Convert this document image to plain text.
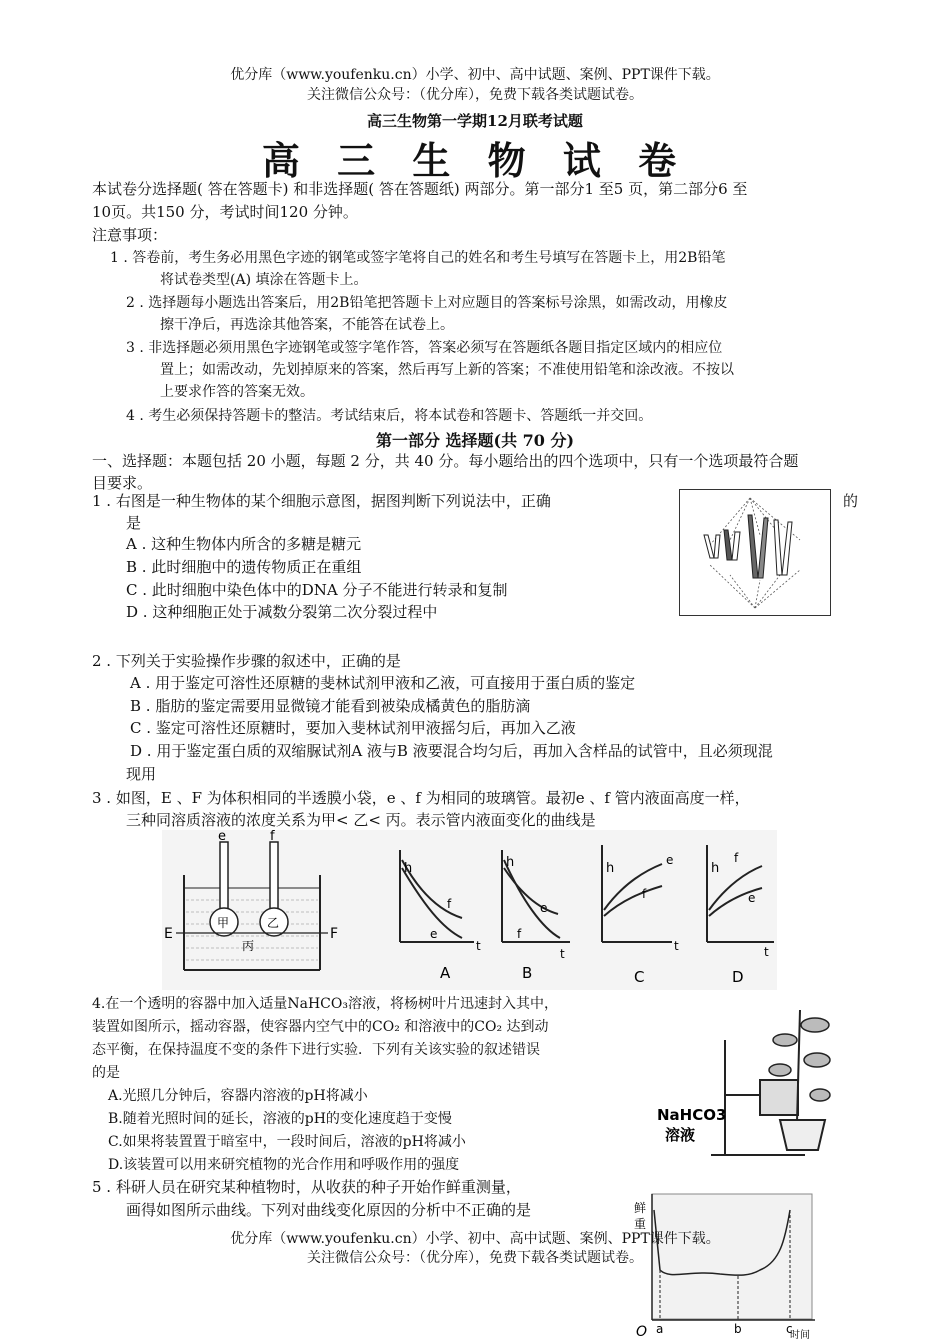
优分库（www.youfenku.cn）小学、初中、高中试题、案例、PPT课件下载。
关注微信公众号：（优分库），免费下载各类试题试卷。
高三生物第一学期12月联考试题
高 三 生 物 试 卷
本试卷分选择题( 答在答题卡) 和非选择题( 答在答题纸) 两部分。第一部分1 至5 页，第二部分6 至
10页。共150 分，考试时间120 分钟。
注意事项：
1 . 答卷前，考生务必用黑色字迹的钢笔或签字笔将自己的姓名和考生号填写在答题卡上，用2B铅笔
将试卷类型(A) 填涂在答题卡上。
2 . 选择题每小题选出答案后，用2B铅笔把答题卡上对应题目的答案标号涂黑，如需改动，用橡皮
擦干净后，再选涂其他答案，不能答在试卷上。
3 . 非选择题必须用黑色字迹钢笔或签字笔作答，答案必须写在答题纸各题目指定区域内的相应位
置上；如需改动，先划掉原来的答案，然后再写上新的答案；不准使用铅笔和涂改液。不按以
上要求作答的答案无效。
4 . 考生必须保持答题卡的整洁。考试结束后，将本试卷和答题卡、答题纸一并交回。
第一部分 选择题(共 70 分)
一、选择题：本题包括 20 小题，每题 2 分，共 40 分。每小题给出的四个选项中，只有一个选项最符合题
目要求。
1 . 右图是一种生物体的某个细胞示意图，据图判断下列说法中，正确	的
是
A . 这种生物体内所含的多糖是糖元
B . 此时细胞中的遗传物质正在重组
C . 此时细胞中染色体中的DNA 分子不能进行转录和复制
D . 这种细胞正处于减数分裂第二次分裂过程中
2 . 下列关于实验操作步骤的叙述中，正确的是
A . 用于鉴定可溶性还原糖的斐林试剂甲液和乙液，可直接用于蛋白质的鉴定
B . 脂肪的鉴定需要用显微镜才能看到被染成橘黄色的脂肪滴
C . 鉴定可溶性还原糖时，要加入斐林试剂甲液摇匀后，再加入乙液
D . 用于鉴定蛋白质的双缩脲试剂A 液与B 液要混合均匀后，再加入含样品的试管中，且必须现混
现用
3 . 如图，E 、F 为体积相同的半透膜小袋，e 、f 为相同的玻璃管。最初e 、f 管内液面高度一样，
三种同溶质溶液的浓度关系为甲< 乙< 丙。表示管内液面变化的曲线是
e	f
E	F
甲	乙
丙
h
f
e
t
A
h
e
f
t
B
h
e
f
t
C
h
f
e
t
D
4.在一个透明的容器中加入适量NaHCO₃溶液，将杨树叶片迅速封入其中，
装置如图所示，摇动容器，使容器内空气中的CO₂ 和溶液中的CO₂ 达到动
态平衡，在保持温度不变的条件下进行实验．下列有关该实验的叙述错误
的是
A.光照几分钟后，容器内溶液的pH将减小
B.随着光照时间的延长，溶液的pH的变化速度趋于变慢
C.如果将装置置于暗室中，一段时间后，溶液的pH将减小
D.该装置可以用来研究植物的光合作用和呼吸作用的强度
NaHCO3
溶液
5 . 科研人员在研究某种植物时，从收获的种子开始作鲜重测量，
画得如图所示曲线。下列对曲线变化原因的分析中不正确的是	鲜
重
O a	b	c
时间
优分库（www.youfenku.cn）小学、初中、高中试题、案例、PPT课件下载。
关注微信公众号：（优分库），免费下载各类试题试卷。
